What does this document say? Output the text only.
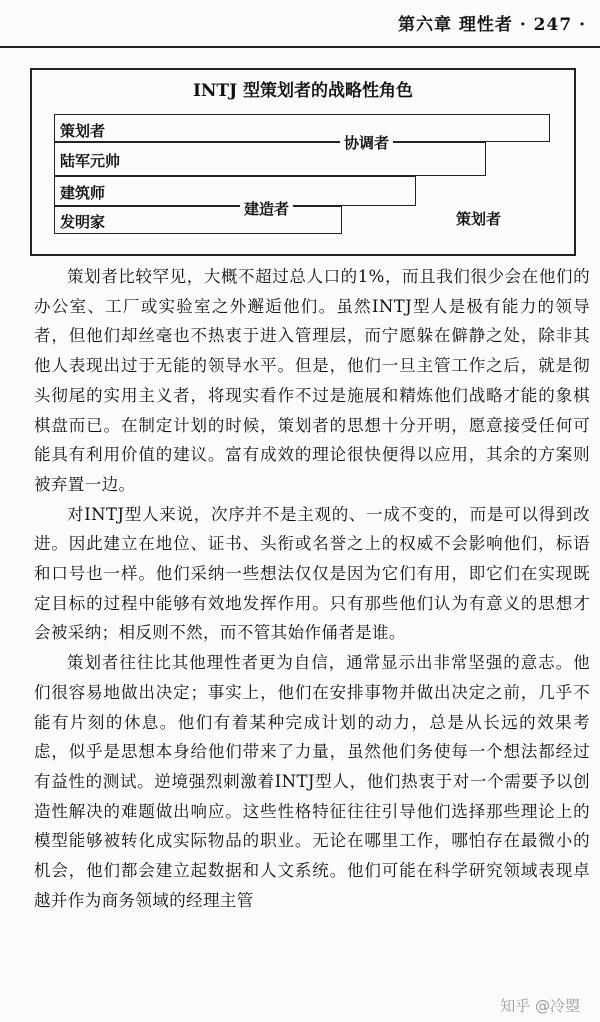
第六章 理性者 · 247 ·
INTJ 型策划者的战略性角色
策划者
陆军元帅
建筑师
发明家
协调者
建造者
策划者

策划者比较罕见，大概不超过总人口的1%，而且我们很少会在他们的办公室、工厂或实验室之外邂逅他们。虽然INTJ型人是极有能力的领导者，但他们却丝毫也不热衷于进入管理层，而宁愿躲在僻静之处，除非其他人表现出过于无能的领导水平。但是，他们一旦主管工作之后，就是彻头彻尾的实用主义者，将现实看作不过是施展和精炼他们战略才能的象棋棋盘而已。在制定计划的时候，策划者的思想十分开明，愿意接受任何可能具有利用价值的建议。富有成效的理论很快便得以应用，其余的方案则被弃置一边。

对INTJ型人来说，次序并不是主观的、一成不变的，而是可以得到改进。因此建立在地位、证书、头衔或名誉之上的权威不会影响他们，标语和口号也一样。他们采纳一些想法仅仅是因为它们有用，即它们在实现既定目标的过程中能够有效地发挥作用。只有那些他们认为有意义的思想才会被采纳；相反则不然，而不管其始作俑者是谁。

策划者往往比其他理性者更为自信，通常显示出非常坚强的意志。他们很容易地做出决定；事实上，他们在安排事物并做出决定之前，几乎不能有片刻的休息。他们有着某种完成计划的动力，总是从长远的效果考虑，似乎是思想本身给他们带来了力量，虽然他们务使每一个想法都经过有益性的测试。逆境强烈刺激着INTJ型人，他们热衷于对一个需要予以创造性解决的难题做出响应。这些性格特征往往引导他们选择那些理论上的模型能够被转化成实际物品的职业。无论在哪里工作，哪怕存在最微小的机会，他们都会建立起数据和人文系统。他们可能在科学研究领域表现卓越并作为商务领域的经理主管

知乎 @冷曌
